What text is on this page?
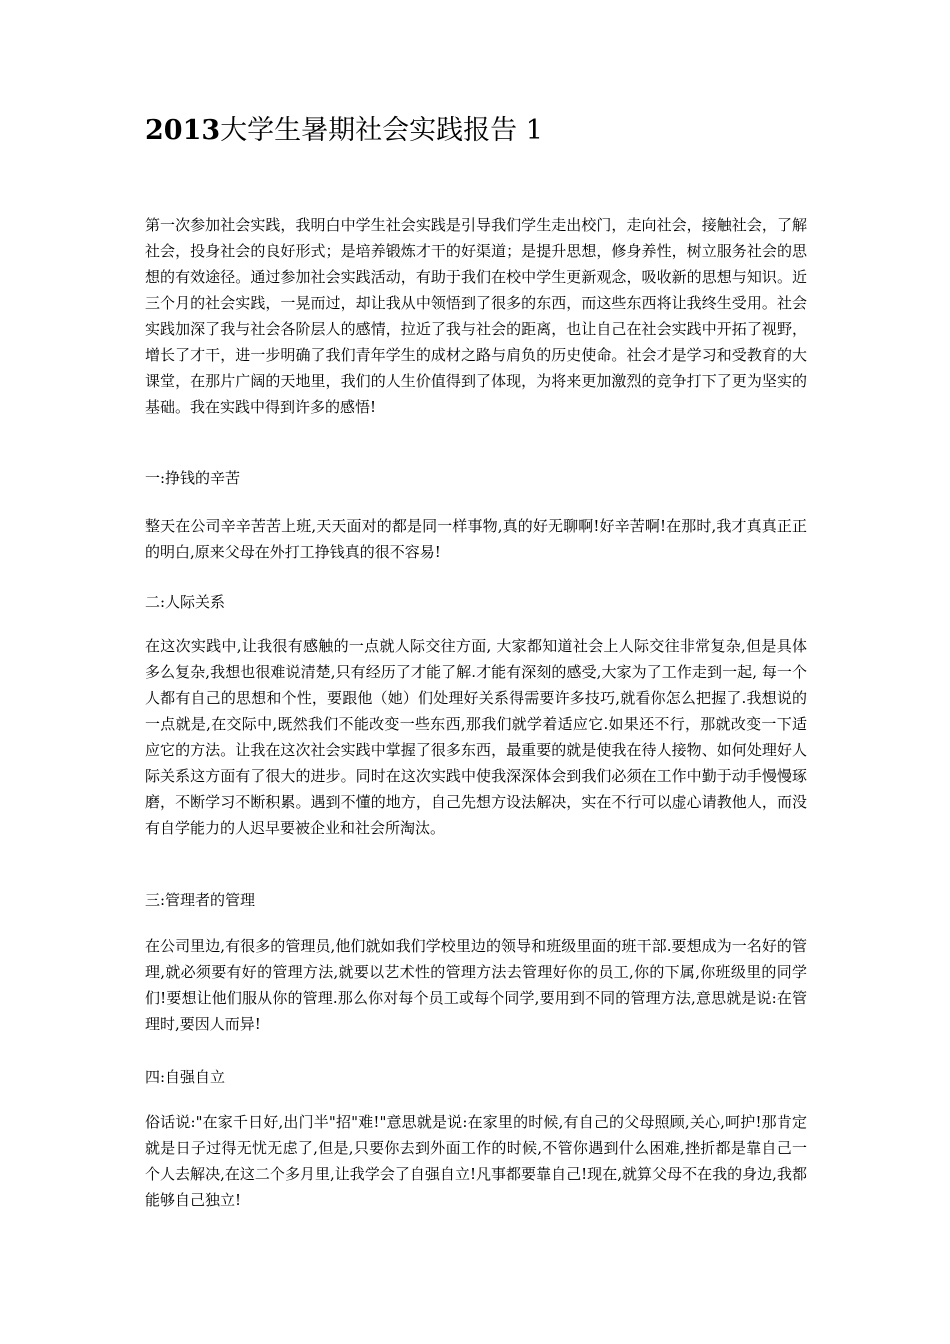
2013大学生暑期社会实践报告 1

第一次参加社会实践，我明白中学生社会实践是引导我们学生走出校门，走向社会，接触社会，了解社会，投身社会的良好形式；是培养锻炼才干的好渠道；是提升思想，修身养性，树立服务社会的思想的有效途径。通过参加社会实践活动，有助于我们在校中学生更新观念，吸收新的思想与知识。近三个月的社会实践，一晃而过，却让我从中领悟到了很多的东西，而这些东西将让我终生受用。社会实践加深了我与社会各阶层人的感情，拉近了我与社会的距离，也让自己在社会实践中开拓了视野，增长了才干，进一步明确了我们青年学生的成材之路与肩负的历史使命。社会才是学习和受教育的大课堂，在那片广阔的天地里，我们的人生价值得到了体现，为将来更加激烈的竞争打下了更为坚实的基础。我在实践中得到许多的感悟!

一:挣钱的辛苦

整天在公司辛辛苦苦上班,天天面对的都是同一样事物,真的好无聊啊!好辛苦啊!在那时,我才真真正正的明白,原来父母在外打工挣钱真的很不容易!

二:人际关系

在这次实践中,让我很有感触的一点就人际交往方面, 大家都知道社会上人际交往非常复杂,但是具体多么复杂,我想也很难说清楚,只有经历了才能了解.才能有深刻的感受,大家为了工作走到一起, 每一个人都有自己的思想和个性，要跟他（她）们处理好关系得需要许多技巧,就看你怎么把握了.我想说的一点就是,在交际中,既然我们不能改变一些东西,那我们就学着适应它.如果还不行，那就改变一下适应它的方法。让我在这次社会实践中掌握了很多东西，最重要的就是使我在待人接物、如何处理好人际关系这方面有了很大的进步。同时在这次实践中使我深深体会到我们必须在工作中勤于动手慢慢琢磨，不断学习不断积累。遇到不懂的地方，自己先想方设法解决，实在不行可以虚心请教他人，而没有自学能力的人迟早要被企业和社会所淘汰。

三:管理者的管理

在公司里边,有很多的管理员,他们就如我们学校里边的领导和班级里面的班干部.要想成为一名好的管理,就必须要有好的管理方法,就要以艺术性的管理方法去管理好你的员工,你的下属,你班级里的同学们!要想让他们服从你的管理.那么你对每个员工或每个同学,要用到不同的管理方法,意思就是说:在管理时,要因人而异!

四:自强自立

俗话说:"在家千日好,出门半"招"难!"意思就是说:在家里的时候,有自己的父母照顾,关心,呵护!那肯定就是日子过得无忧无虑了,但是,只要你去到外面工作的时候,不管你遇到什么困难,挫折都是靠自己一个人去解决,在这二个多月里,让我学会了自强自立!凡事都要靠自己!现在,就算父母不在我的身边,我都能够自己独立!
